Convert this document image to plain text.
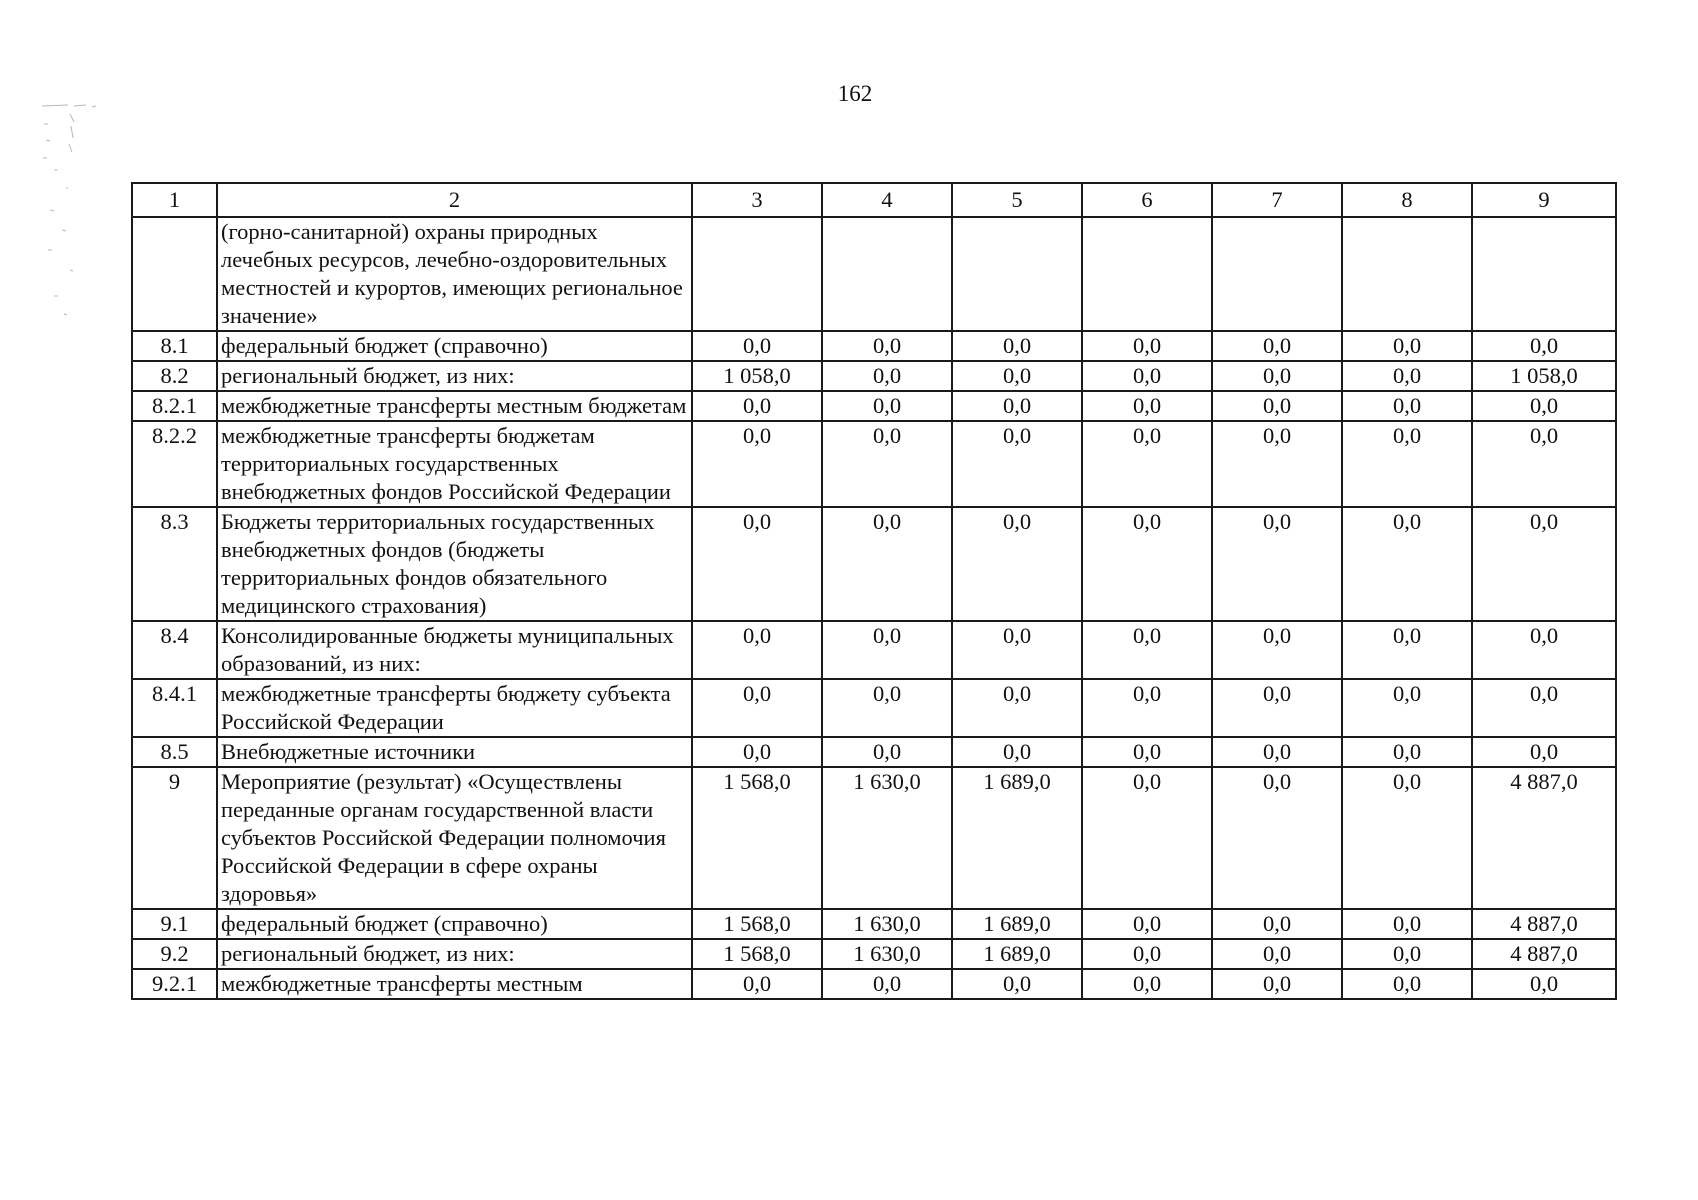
162
1	2	3	4	5	6	7	8	9
	(горно-санитарной) охраны природных лечебных ресурсов, лечебно-оздоровительных местностей и курортов, имеющих региональное значение»							
8.1	федеральный бюджет (справочно)	0,0	0,0	0,0	0,0	0,0	0,0	0,0
8.2	региональный бюджет, из них:	1 058,0	0,0	0,0	0,0	0,0	0,0	1 058,0
8.2.1	межбюджетные трансферты местным бюджетам	0,0	0,0	0,0	0,0	0,0	0,0	0,0
8.2.2	межбюджетные трансферты бюджетам территориальных государственных внебюджетных фондов Российской Федерации	0,0	0,0	0,0	0,0	0,0	0,0	0,0
8.3	Бюджеты территориальных государственных внебюджетных фондов (бюджеты территориальных фондов обязательного медицинского страхования)	0,0	0,0	0,0	0,0	0,0	0,0	0,0
8.4	Консолидированные бюджеты муниципальных образований, из них:	0,0	0,0	0,0	0,0	0,0	0,0	0,0
8.4.1	межбюджетные трансферты бюджету субъекта Российской Федерации	0,0	0,0	0,0	0,0	0,0	0,0	0,0
8.5	Внебюджетные источники	0,0	0,0	0,0	0,0	0,0	0,0	0,0
9	Мероприятие (результат) «Осуществлены переданные органам государственной власти субъектов Российской Федерации полномочия Российской Федерации в сфере охраны здоровья»	1 568,0	1 630,0	1 689,0	0,0	0,0	0,0	4 887,0
9.1	федеральный бюджет (справочно)	1 568,0	1 630,0	1 689,0	0,0	0,0	0,0	4 887,0
9.2	региональный бюджет, из них:	1 568,0	1 630,0	1 689,0	0,0	0,0	0,0	4 887,0
9.2.1	межбюджетные трансферты местным	0,0	0,0	0,0	0,0	0,0	0,0	0,0
